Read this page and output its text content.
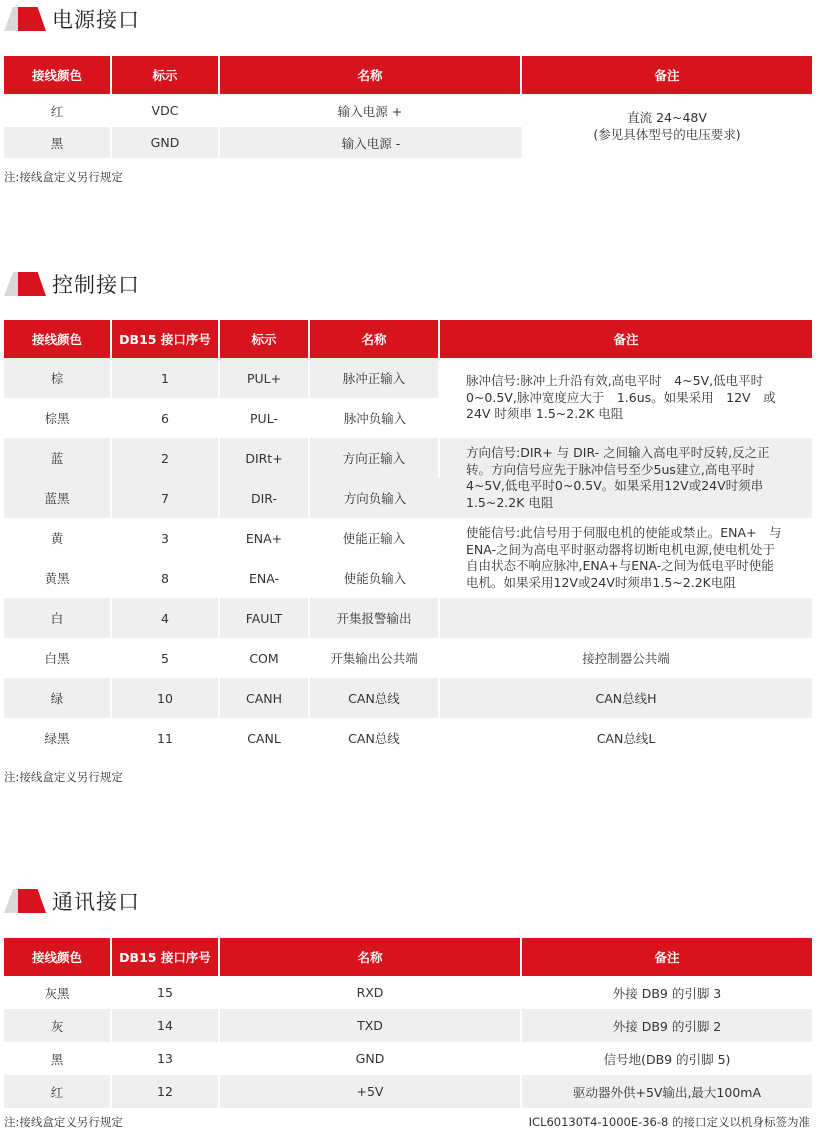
电源接口
接线颜色	标示	名称	备注
红	VDC	输入电源 +	直流 24~48V
(参见具体型号的电压要求)

黑	GND	输入电源 -	
注:接线盒定义另行规定
控制接口
接线颜色	DB15 接口序号	标示	名称	备注
棕	1	PUL+	脉冲正输入	脉冲信号:脉冲上升沿有效,高电平时　4~5V,低电平时0~0.5V,脉冲宽度应大于　1.6us。如果采用　12V　或　24V 时须串 1.5~2.2K 电阻
棕黑	6	PUL-	脉冲负输入	
蓝	2	DIRt+	方向正输入	方向信号:DIR+ 与 DIR- 之间输入高电平时反转,反之正转。方向信号应先于脉冲信号至少5us建立,高电平时4~5V,低电平时0~0.5V。如果采用12V或24V时须串1.5~2.2K 电阻
蓝黑	7	DIR-	方向负输入	
黄	3	ENA+	使能正输入	使能信号:此信号用于伺服电机的使能或禁止。ENA+　与ENA-之间为高电平时驱动器将切断电机电源,使电机处于自由状态不响应脉冲,ENA+与ENA-之间为低电平时使能电机。如果采用12V或24V时须串1.5~2.2K电阻
黄黑	8	ENA-	使能负输入	
白	4	FAULT	开集报警输出	
白黑	5	COM	开集输出公共端	接控制器公共端
绿	10	CANH	CAN总线	CAN总线H
绿黑	11	CANL	CAN总线	CAN总线L
注:接线盒定义另行规定
通讯接口
接线颜色	DB15 接口序号	名称	备注
灰黑	15	RXD	外接 DB9 的引脚 3
灰	14	TXD	外接 DB9 的引脚 2
黑	13	GND	信号地(DB9 的引脚 5)
红	12	+5V	驱动器外供+5V输出,最大100mA
注:接线盒定义另行规定	ICL60130T4-1000E-36-8 的接口定义以机身标签为准
